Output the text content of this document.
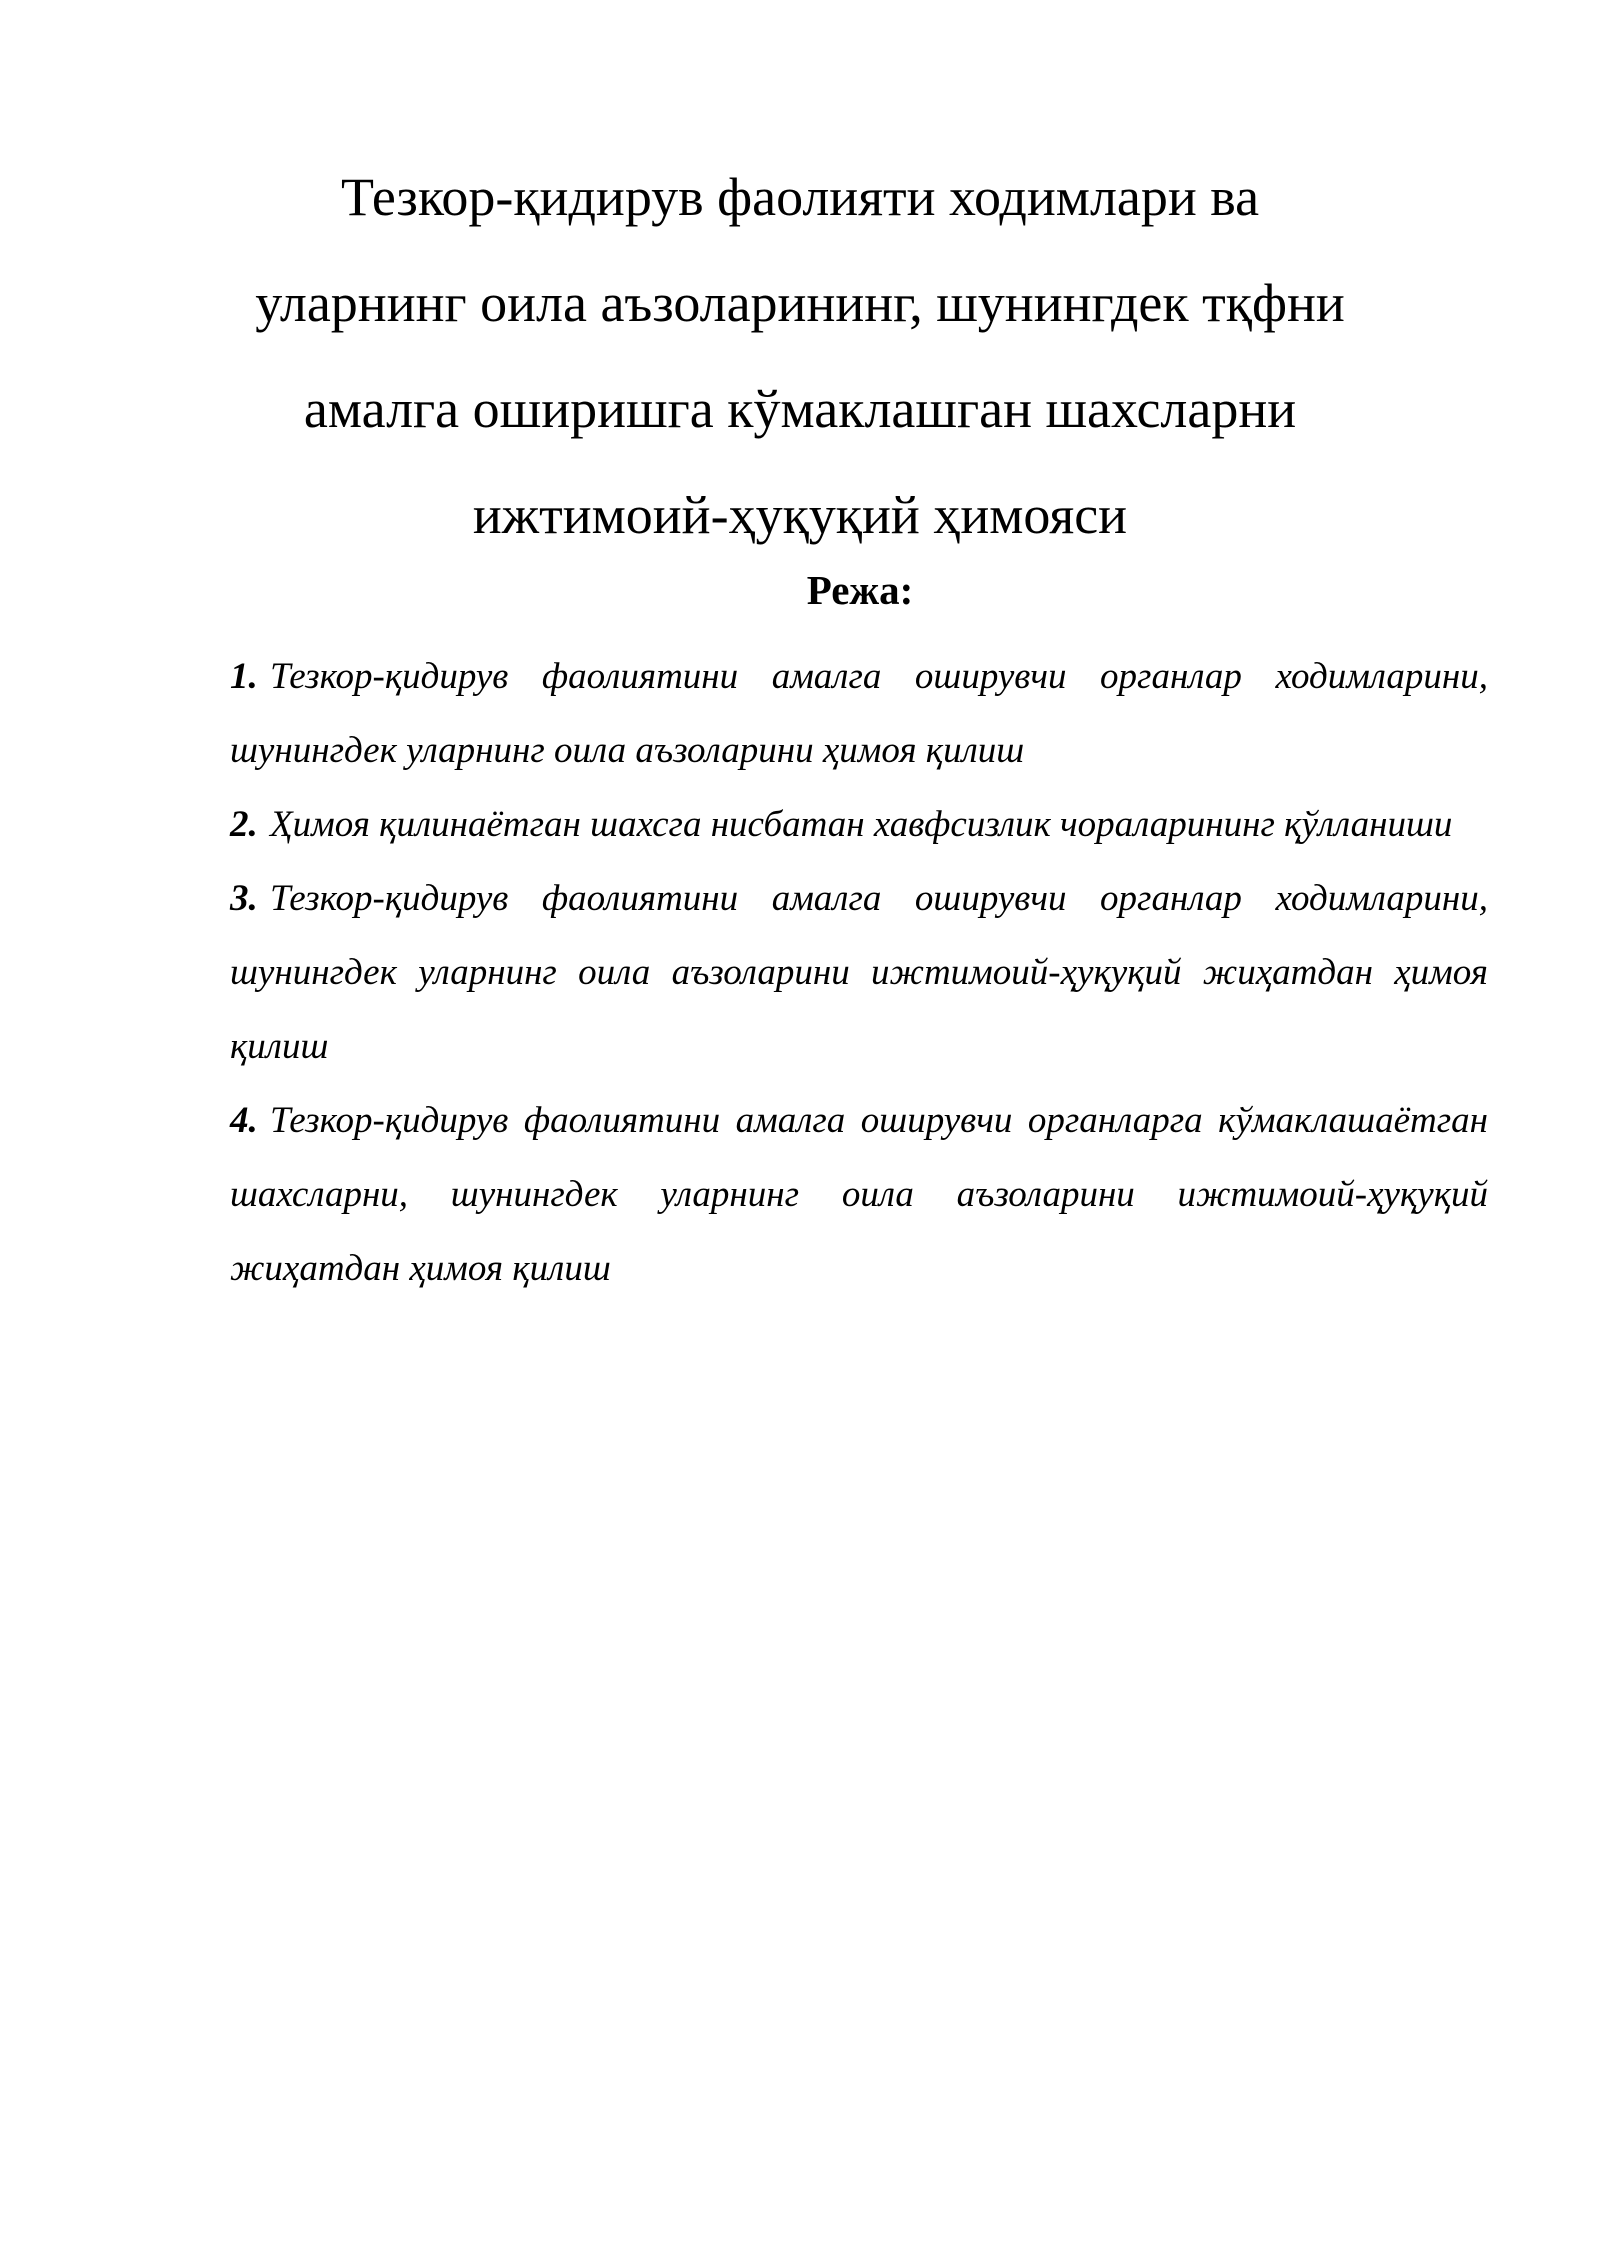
Тезкор-қидирув фаолияти ходимлари ва
уларнинг оила аъзоларининг, шунингдек тқфни
амалга оширишга кўмаклашган шахсларни
ижтимоий-ҳуқуқий ҳимояси
Режа:
1. Тезкор-қидирув фаолиятини амалга оширувчи органлар ходимларини, шунингдек уларнинг оила аъзоларини ҳимоя қилиш
2. Ҳимоя қилинаётган шахсга нисбатан хавфсизлик чораларининг қўлланиши
3. Тезкор-қидирув фаолиятини амалга оширувчи органлар ходимларини, шунингдек уларнинг оила аъзоларини ижтимоий-ҳуқуқий жиҳатдан ҳимоя қилиш
4. Тезкор-қидирув фаолиятини амалга оширувчи органларга кўмаклашаётган шахсларни, шунингдек уларнинг оила аъзоларини ижтимоий-ҳуқуқий жиҳатдан ҳимоя қилиш
